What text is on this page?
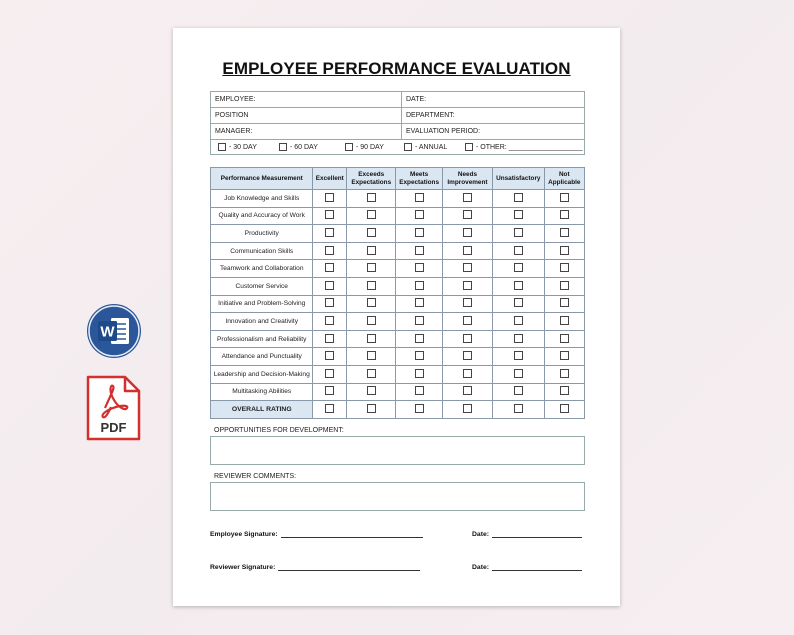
W
PDF
EMPLOYEE PERFORMANCE EVALUATION
EMPLOYEE:	DATE:
POSITION	DEPARTMENT:
MANAGER:	EVALUATION PERIOD:
- 30 DAY	- 60 DAY	- 90 DAY	- ANNUAL	- OTHER: ___________________
Performance Measurement	Excellent	Exceeds Expectations	Meets Expectations	Needs Improvement	Unsatisfactory	Not Applicable
Job Knowledge and Skills						
Quality and Accuracy of Work						
Productivity						
Communication Skills						
Teamwork and Collaboration						
Customer Service						
Initiative and Problem-Solving						
Innovation and Creativity						
Professionalism and Reliability						
Attendance and Punctuality						
Leadership and Decision-Making						
Multitasking Abilities						
OVERALL RATING						
OPPORTUNITIES FOR DEVELOPMENT:
REVIEWER COMMENTS:
Employee Signature:	Date:
Reviewer Signature:	Date:
